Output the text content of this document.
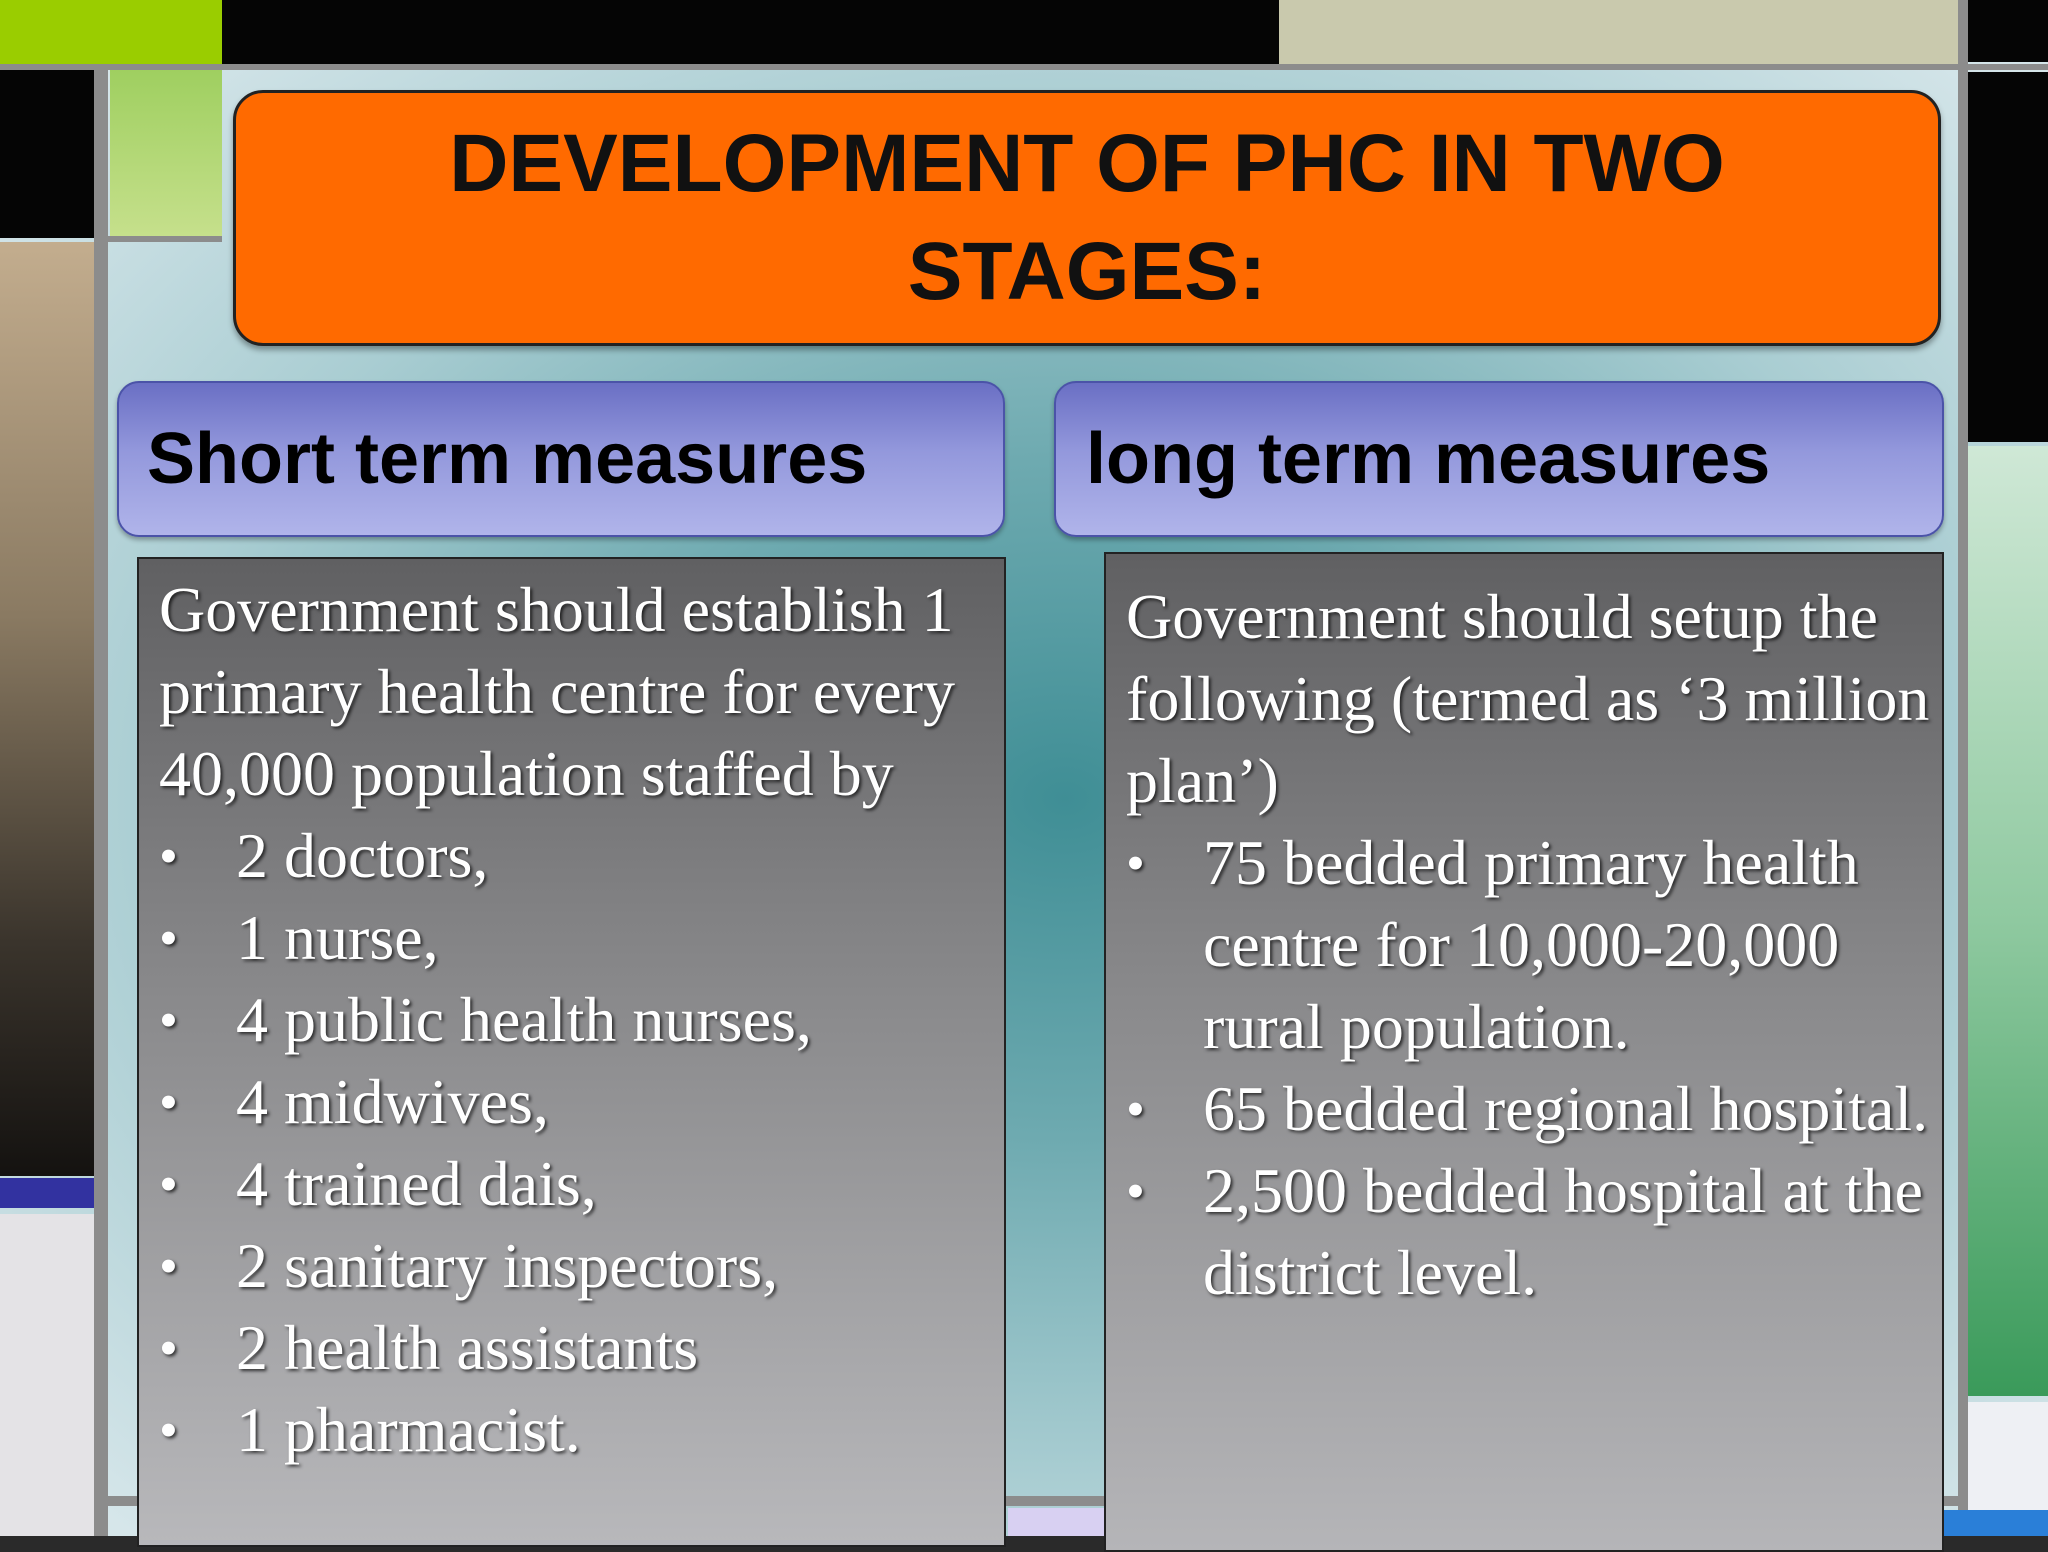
DEVELOPMENT OF PHC IN TWO STAGES:

Short term measures	long term measures

Government should establish 1 primary health centre for every 40,000 population staffed by

• 2 doctors,
• 1 nurse,
• 4 public health nurses,
• 4 midwives,
• 4 trained dais,
• 2 sanitary inspectors,
• 2 health assistants
• 1 pharmacist.

Government should setup the following (termed as ‘3 million plan’)

• 75 bedded primary health centre for 10,000-20,000 rural population.
• 65 bedded regional hospital.
• 2,500 bedded hospital at the district level.
